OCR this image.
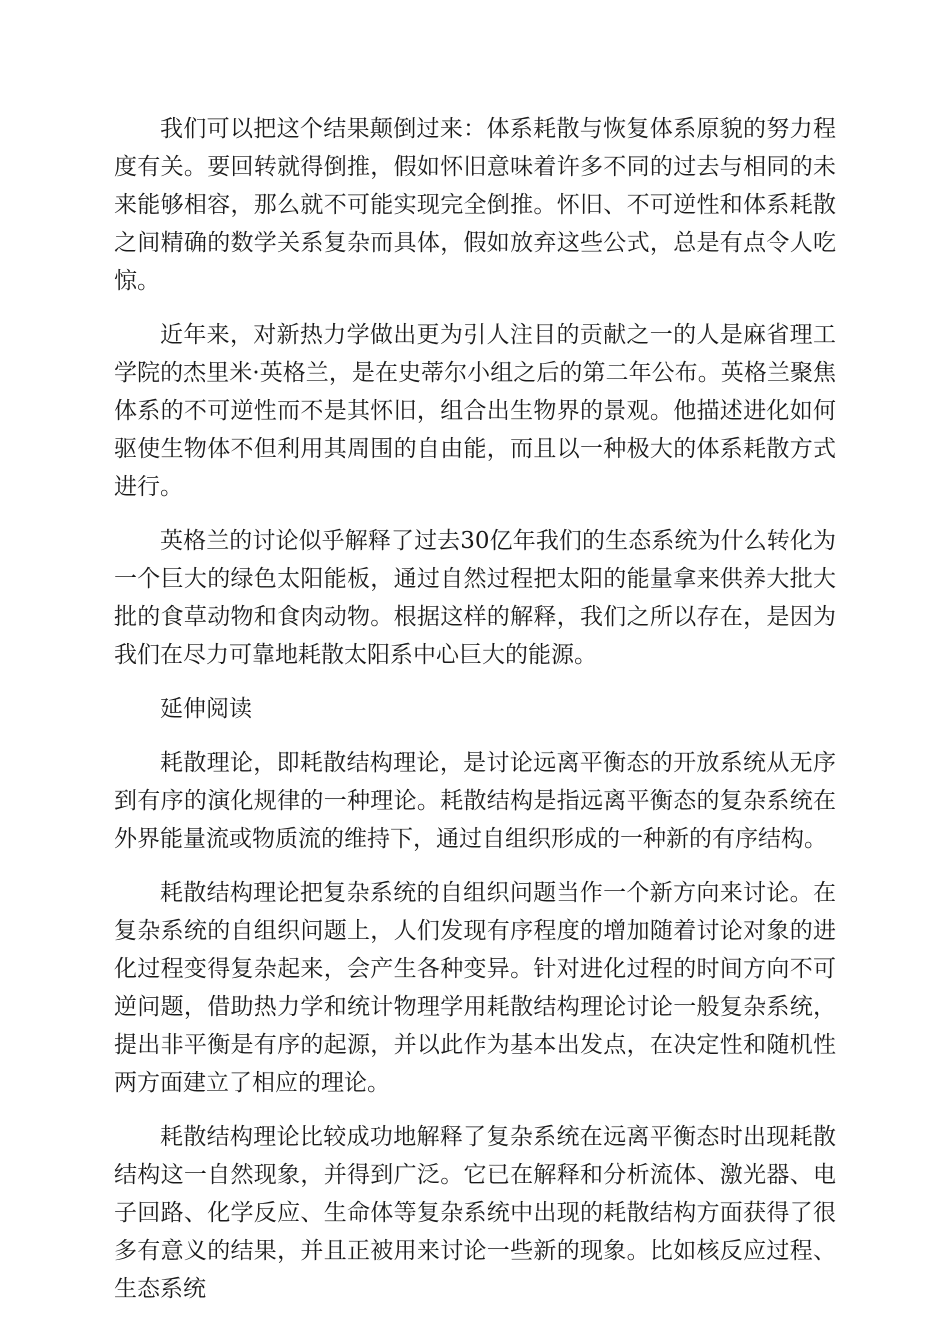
我们可以把这个结果颠倒过来：体系耗散与恢复体系原貌的努力程度有关。要回转就得倒推，假如怀旧意味着许多不同的过去与相同的未来能够相容，那么就不可能实现完全倒推。怀旧、不可逆性和体系耗散之间精确的数学关系复杂而具体，假如放弃这些公式，总是有点令人吃惊。

近年来，对新热力学做出更为引人注目的贡献之一的人是麻省理工学院的杰里米·英格兰，是在史蒂尔小组之后的第二年公布。英格兰聚焦体系的不可逆性而不是其怀旧，组合出生物界的景观。他描述进化如何驱使生物体不但利用其周围的自由能，而且以一种极大的体系耗散方式进行。

英格兰的讨论似乎解释了过去30亿年我们的生态系统为什么转化为一个巨大的绿色太阳能板，通过自然过程把太阳的能量拿来供养大批大批的食草动物和食肉动物。根据这样的解释，我们之所以存在，是因为我们在尽力可靠地耗散太阳系中心巨大的能源。

延伸阅读

耗散理论，即耗散结构理论，是讨论远离平衡态的开放系统从无序到有序的演化规律的一种理论。耗散结构是指远离平衡态的复杂系统在外界能量流或物质流的维持下，通过自组织形成的一种新的有序结构。

耗散结构理论把复杂系统的自组织问题当作一个新方向来讨论。在复杂系统的自组织问题上，人们发现有序程度的增加随着讨论对象的进化过程变得复杂起来，会产生各种变异。针对进化过程的时间方向不可逆问题，借助热力学和统计物理学用耗散结构理论讨论一般复杂系统，提出非平衡是有序的起源，并以此作为基本出发点，在决定性和随机性两方面建立了相应的理论。

耗散结构理论比较成功地解释了复杂系统在远离平衡态时出现耗散结构这一自然现象，并得到广泛。它已在解释和分析流体、激光器、电子回路、化学反应、生命体等复杂系统中出现的耗散结构方面获得了很多有意义的结果，并且正被用来讨论一些新的现象。比如核反应过程、生态系统
